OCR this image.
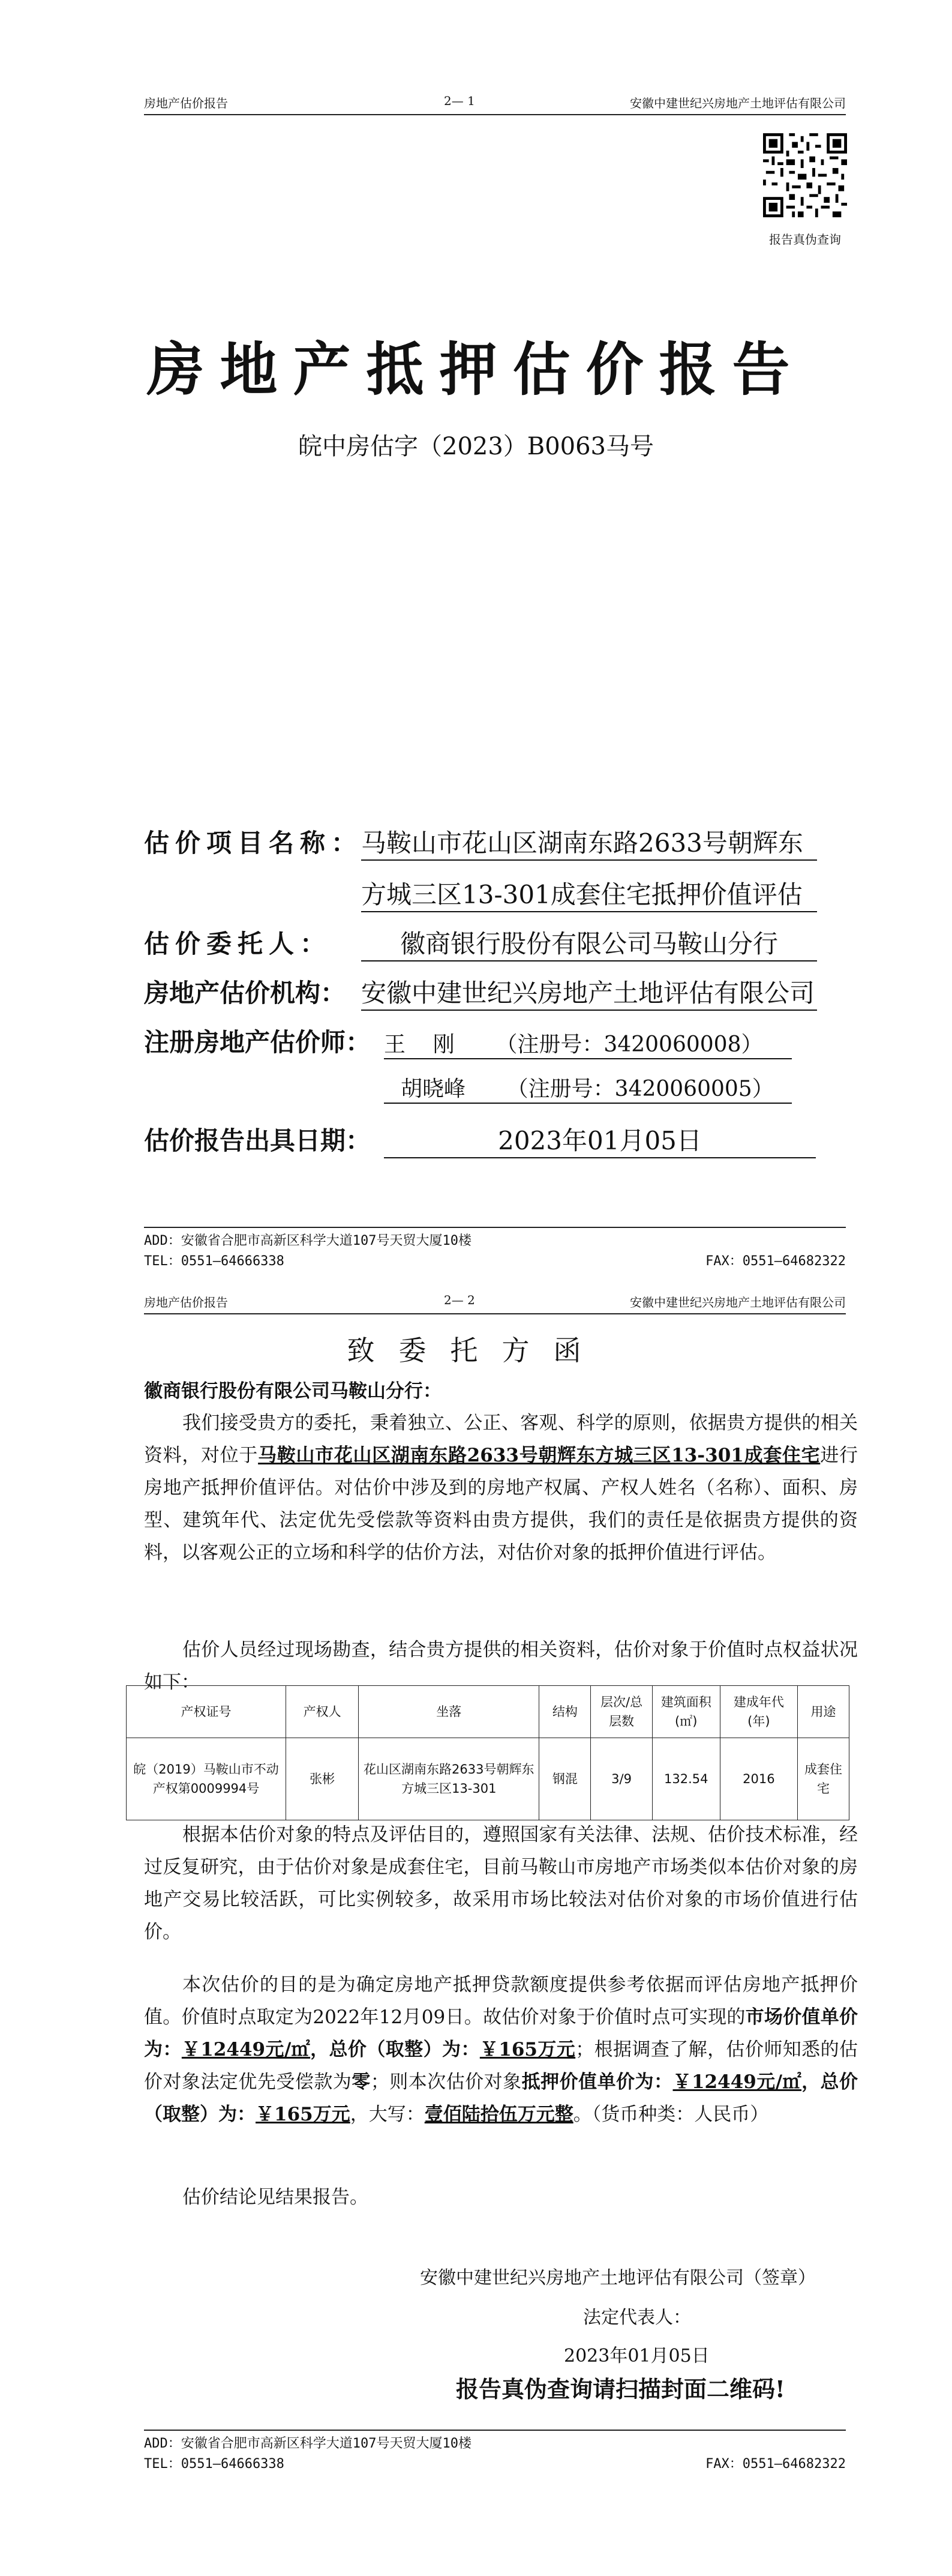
房地产估价报告	2— 1	安徽中建世纪兴房地产土地评估有限公司
报告真伪查询
房地产抵押估价报告
皖中房估字（2023）B0063马号
估价项目名称：
马鞍山市花山区湖南东路2633号朝辉东
方城三区13-301成套住宅抵押价值评估
估价委托人：	徽商银行股份有限公司马鞍山分行
房地产估价机构： 安徽中建世纪兴房地产土地评估有限公司
注册房地产估价师： 王    刚      （注册号：3420060008）
胡晓峰      （注册号：3420060005）
估价报告出具日期：	2023年01月05日
ADD：安徽省合肥市高新区科学大道107号天贸大厦10楼
TEL：0551—64666338	FAX：0551—64682322
房地产估价报告	2— 2	安徽中建世纪兴房地产土地评估有限公司
致委托方函
徽商银行股份有限公司马鞍山分行：
我们接受贵方的委托，秉着独立、公正、客观、科学的原则，依据贵方提供的相关资料，对位于马鞍山市花山区湖南东路2633号朝辉东方城三区13-301成套住宅进行房地产抵押价值评估。对估价中涉及到的房地产权属、产权人姓名（名称）、面积、房型、建筑年代、法定优先受偿款等资料由贵方提供，我们的责任是依据贵方提供的资料，以客观公正的立场和科学的估价方法，对估价对象的抵押价值进行评估。
估价人员经过现场勘查，结合贵方提供的相关资料，估价对象于价值时点权益状况如下：
产权证号	产权人	坐落	结构	层次/总层数	建筑面积(㎡)	建成年代(年)	用途
皖（2019）马鞍山市不动产权第0009994号	张彬	花山区湖南东路2633号朝辉东方城三区13-301	钢混	3/9	132.54	2016	成套住宅
根据本估价对象的特点及评估目的，遵照国家有关法律、法规、估价技术标准，经过反复研究，由于估价对象是成套住宅，目前马鞍山市房地产市场类似本估价对象的房地产交易比较活跃，可比实例较多，故采用市场比较法对估价对象的市场价值进行估价。
本次估价的目的是为确定房地产抵押贷款额度提供参考依据而评估房地产抵押价值。价值时点取定为2022年12月09日。故估价对象于价值时点可实现的市场价值单价为：￥12449元/㎡，总价（取整）为：￥165万元；根据调查了解，估价师知悉的估价对象法定优先受偿款为零；则本次估价对象抵押价值单价为：￥12449元/㎡，总价（取整）为：￥165万元，大写：壹佰陆拾伍万元整。（货币种类：人民币）
估价结论见结果报告。
安徽中建世纪兴房地产土地评估有限公司（签章）
法定代表人：
2023年01月05日
报告真伪查询请扫描封面二维码!
ADD：安徽省合肥市高新区科学大道107号天贸大厦10楼
TEL：0551—64666338	FAX：0551—64682322
